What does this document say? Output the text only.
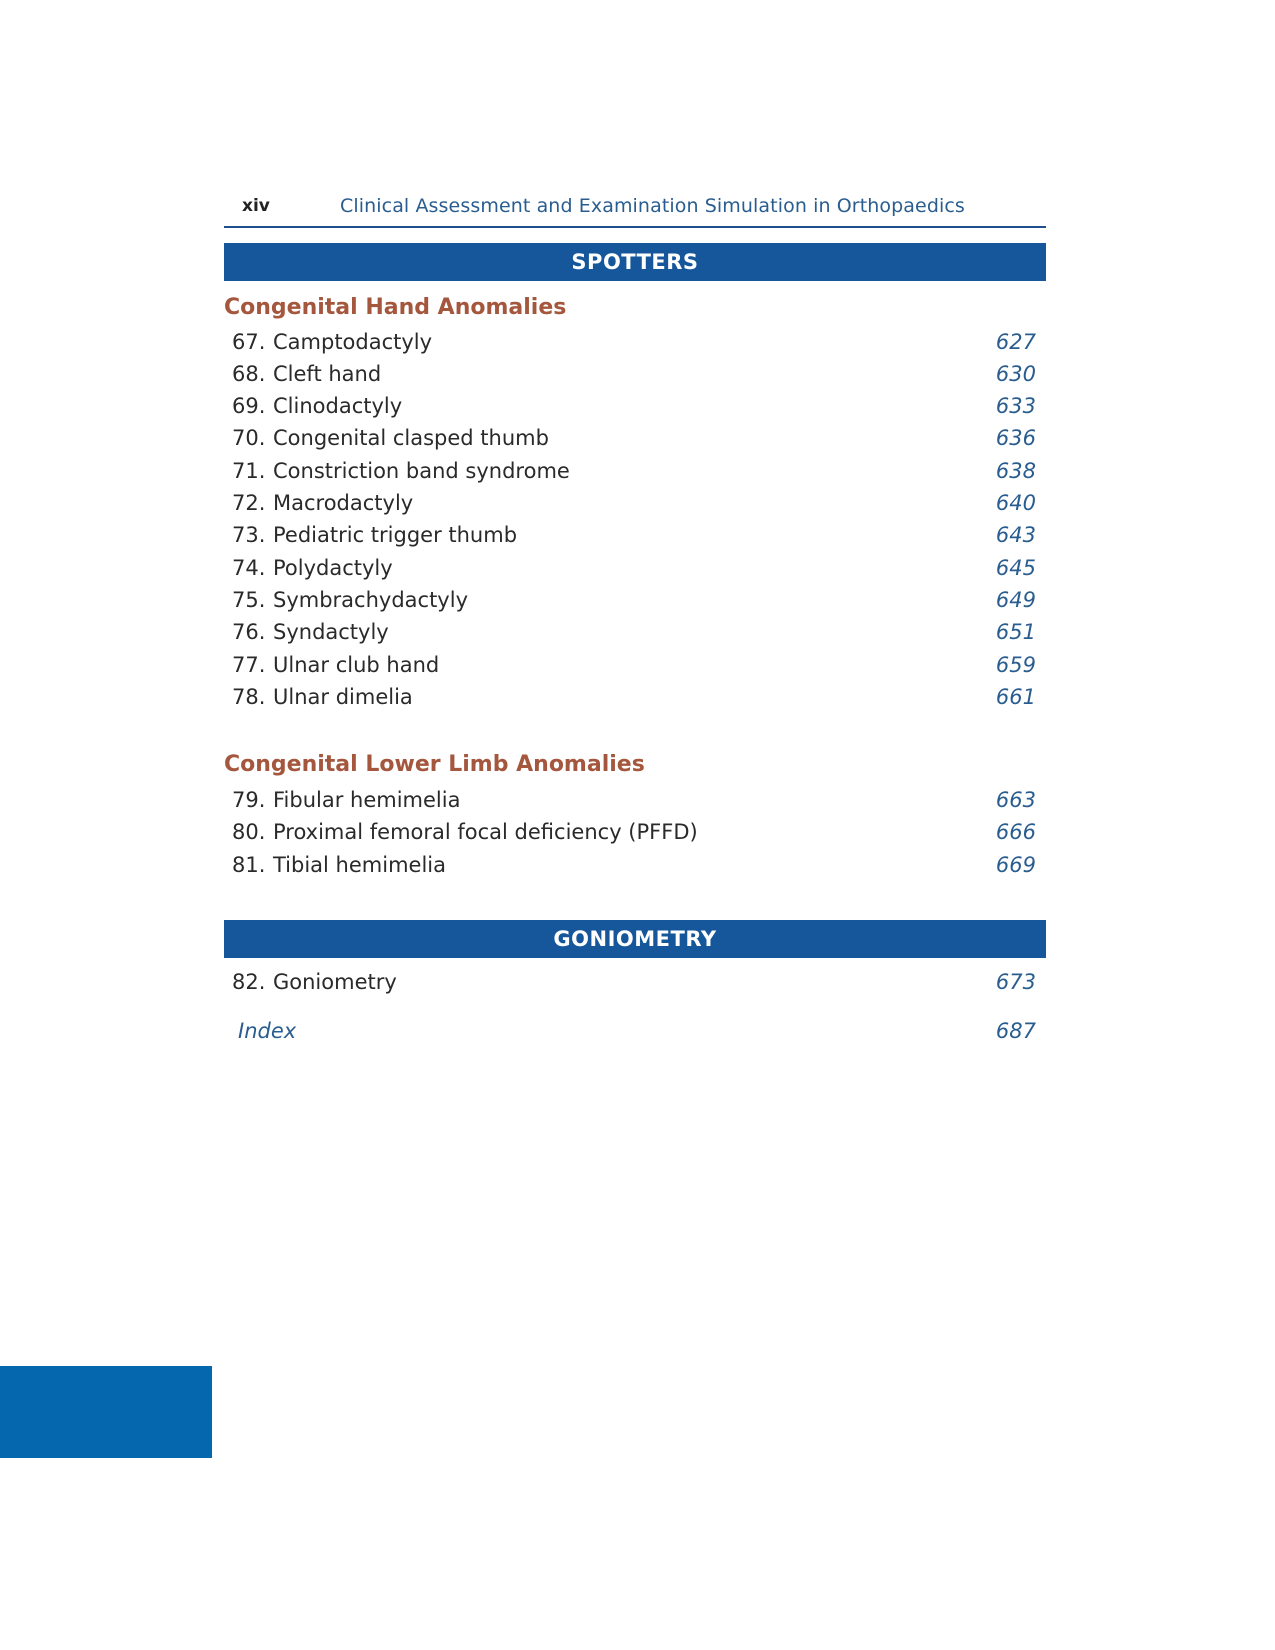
xiv	Clinical Assessment and Examination Simulation in Orthopaedics
SPOTTERS
Congenital Hand Anomalies
67. Camptodactyly	627
68. Cleft hand	630
69. Clinodactyly	633
70. Congenital clasped thumb	636
71. Constriction band syndrome	638
72. Macrodactyly	640
73. Pediatric trigger thumb	643
74. Polydactyly	645
75. Symbrachydactyly	649
76. Syndactyly	651
77. Ulnar club hand	659
78. Ulnar dimelia	661
Congenital Lower Limb Anomalies
79. Fibular hemimelia	663
80. Proximal femoral focal deficiency (PFFD)	666
81. Tibial hemimelia	669
GONIOMETRY
82. Goniometry	673
Index	687
